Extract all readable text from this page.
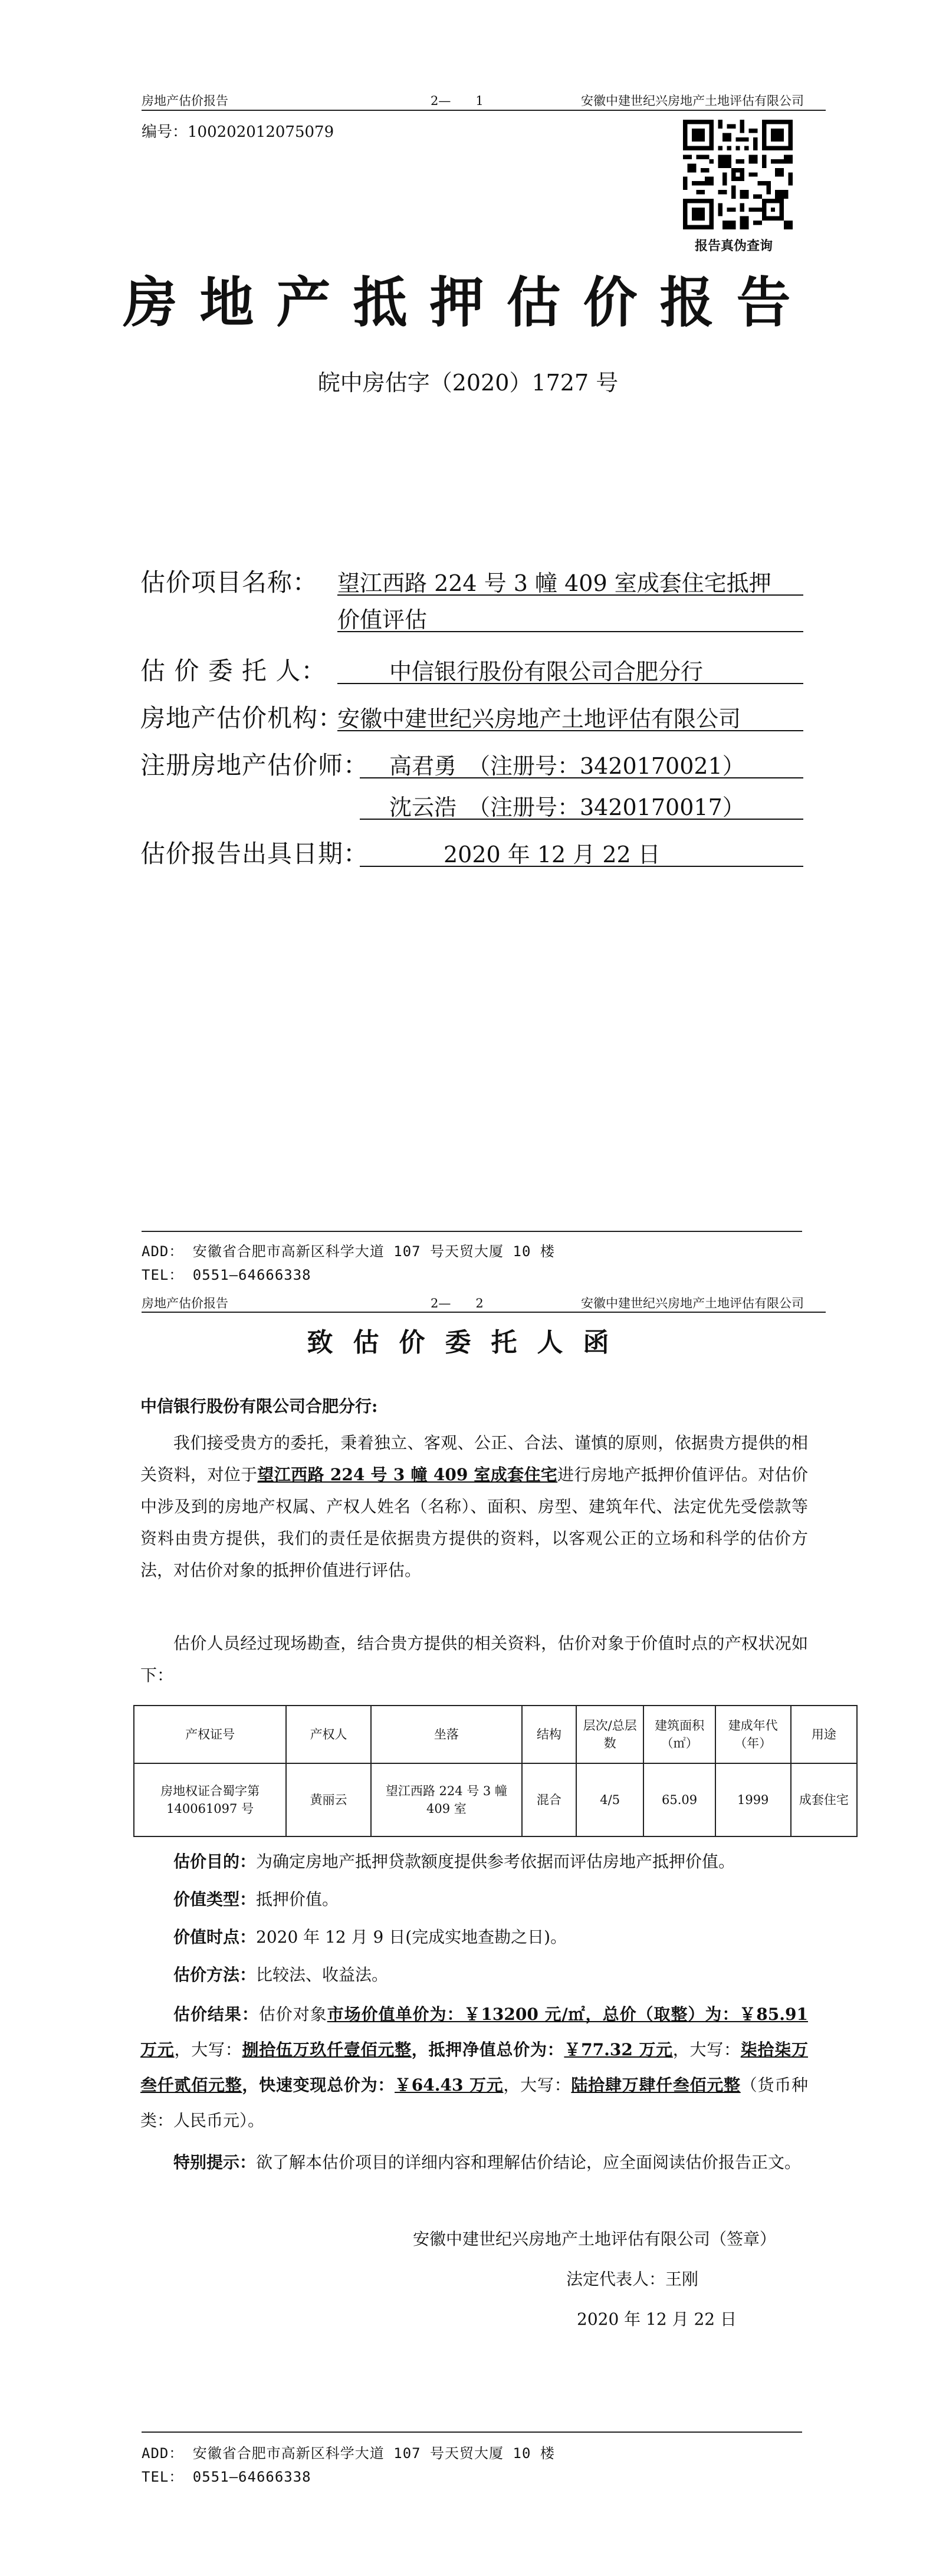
房地产估价报告	2—　　1	安徽中建世纪兴房地产土地评估有限公司
编号：100202012075079
报告真伪查询
房地产抵押估价报告
皖中房估字（2020）1727 号
估价项目名称： 望江西路 224 号 3 幢 409 室成套住宅抵押
价值评估
估 价 委 托 人：	中信银行股份有限公司合肥分行
房地产估价机构：
安徽中建世纪兴房地产土地评估有限公司
注册房地产估价师： 高君勇　（注册号：3420170021）
沈云浩　（注册号：3420170017）
估价报告出具日期：	2020 年 12 月 22 日
ADD： 安徽省合肥市高新区科学大道 107 号天贸大厦 10 楼
TEL： 0551—64666338
房地产估价报告	2—　　2	安徽中建世纪兴房地产土地评估有限公司
致估价委托人函
中信银行股份有限公司合肥分行:
我们接受贵方的委托，秉着独立、客观、公正、合法、谨慎的原则，依据贵方提供的相关资料，对位于望江西路 224 号 3 幢 409 室成套住宅进行房地产抵押价值评估。对估价中涉及到的房地产权属、产权人姓名（名称）、面积、房型、建筑年代、法定优先受偿款等资料由贵方提供，我们的责任是依据贵方提供的资料，以客观公正的立场和科学的估价方法，对估价对象的抵押价值进行评估。
估价人员经过现场勘查，结合贵方提供的相关资料，估价对象于价值时点的产权状况如下：
产权证号	产权人	坐落	结构	层次/总层数	建筑面积（㎡）	建成年代（年）	用途
房地权证合蜀字第 140061097 号	黄丽云	望江西路 224 号 3 幢 409 室	混合	4/5	65.09	1999	成套住宅
估价目的：为确定房地产抵押贷款额度提供参考依据而评估房地产抵押价值。
价值类型：抵押价值。
价值时点：2020 年 12 月 9 日(完成实地查勘之日)。
估价方法：比较法、收益法。
估价结果：估价对象市场价值单价为：￥13200 元/㎡，总价（取整）为：￥85.91 万元，大写：捌拾伍万玖仟壹佰元整，抵押净值总价为：￥77.32 万元，大写：柒拾柒万叁仟贰佰元整，快速变现总价为：￥64.43 万元，大写：陆拾肆万肆仟叁佰元整（货币种类：人民币元）。
特别提示：欲了解本估价项目的详细内容和理解估价结论，应全面阅读估价报告正文。
安徽中建世纪兴房地产土地评估有限公司（签章）
法定代表人：王刚
2020 年 12 月 22 日
ADD： 安徽省合肥市高新区科学大道 107 号天贸大厦 10 楼
TEL： 0551—64666338
